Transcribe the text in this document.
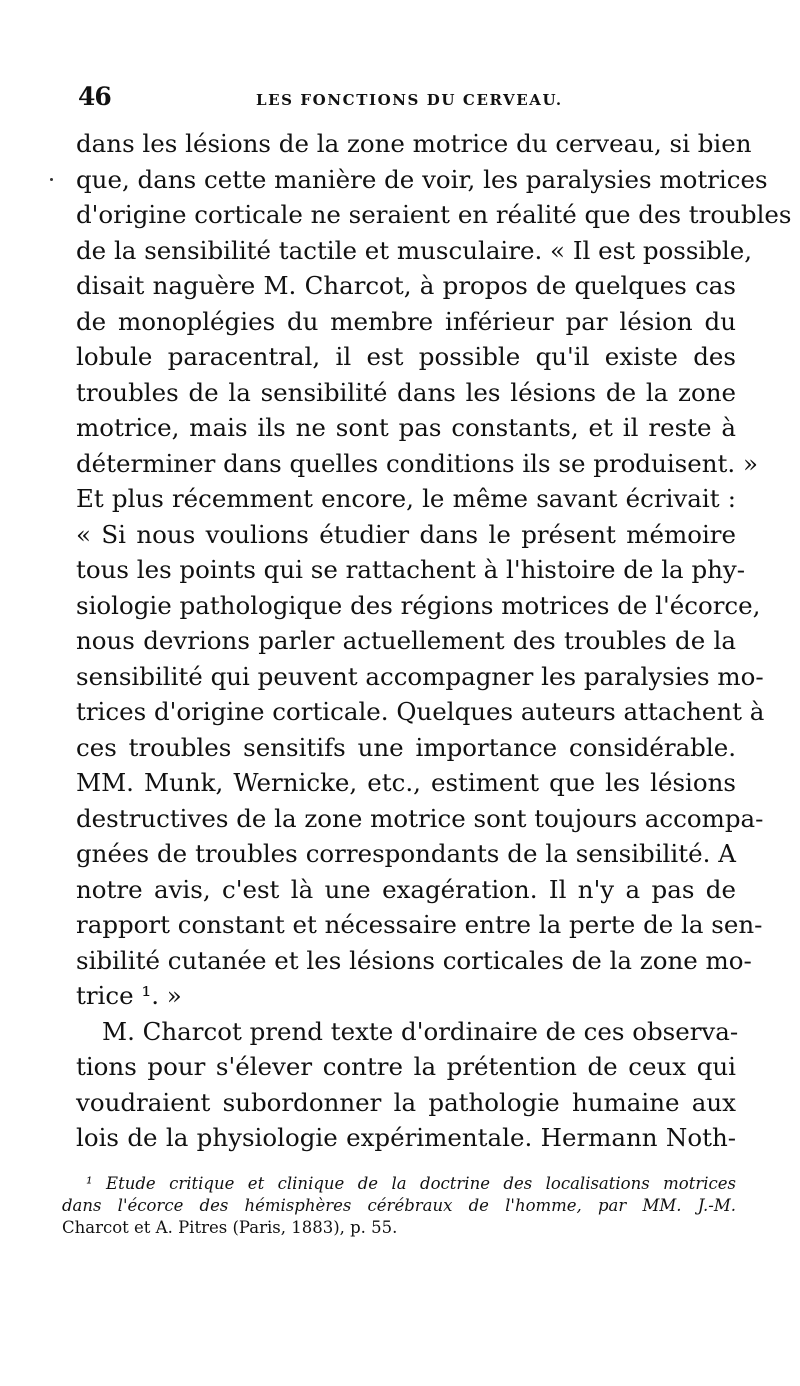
46	LES FONCTIONS DU CERVEAU.
dans les lésions de la zone motrice du cerveau, si bien
que, dans cette manière de voir, les paralysies motrices
d'origine corticale ne seraient en réalité que des troubles
de la sensibilité tactile et musculaire. « Il est possible,
disait naguère M. Charcot, à propos de quelques cas
de monoplégies du membre inférieur par lésion du
lobule paracentral, il est possible qu'il existe des
troubles de la sensibilité dans les lésions de la zone
motrice, mais ils ne sont pas constants, et il reste à
déterminer dans quelles conditions ils se produisent. »
Et plus récemment encore, le même savant écrivait :
« Si nous voulions étudier dans le présent mémoire
tous les points qui se rattachent à l'histoire de la phy-
siologie pathologique des régions motrices de l'écorce,
nous devrions parler actuellement des troubles de la
sensibilité qui peuvent accompagner les paralysies mo-
trices d'origine corticale. Quelques auteurs attachent à
ces troubles sensitifs une importance considérable.
MM. Munk, Wernicke, etc., estiment que les lésions
destructives de la zone motrice sont toujours accompa-
gnées de troubles correspondants de la sensibilité. A
notre avis, c'est là une exagération. Il n'y a pas de
rapport constant et nécessaire entre la perte de la sen-
sibilité cutanée et les lésions corticales de la zone mo-
trice ¹. »
M. Charcot prend texte d'ordinaire de ces observa-
tions pour s'élever contre la prétention de ceux qui
voudraient subordonner la pathologie humaine aux
lois de la physiologie expérimentale. Hermann Noth-
¹ Etude critique et clinique de la doctrine des localisations motrices
dans l'écorce des hémisphères cérébraux de l'homme, par MM. J.-M.
Charcot et A. Pitres (Paris, 1883), p. 55.
